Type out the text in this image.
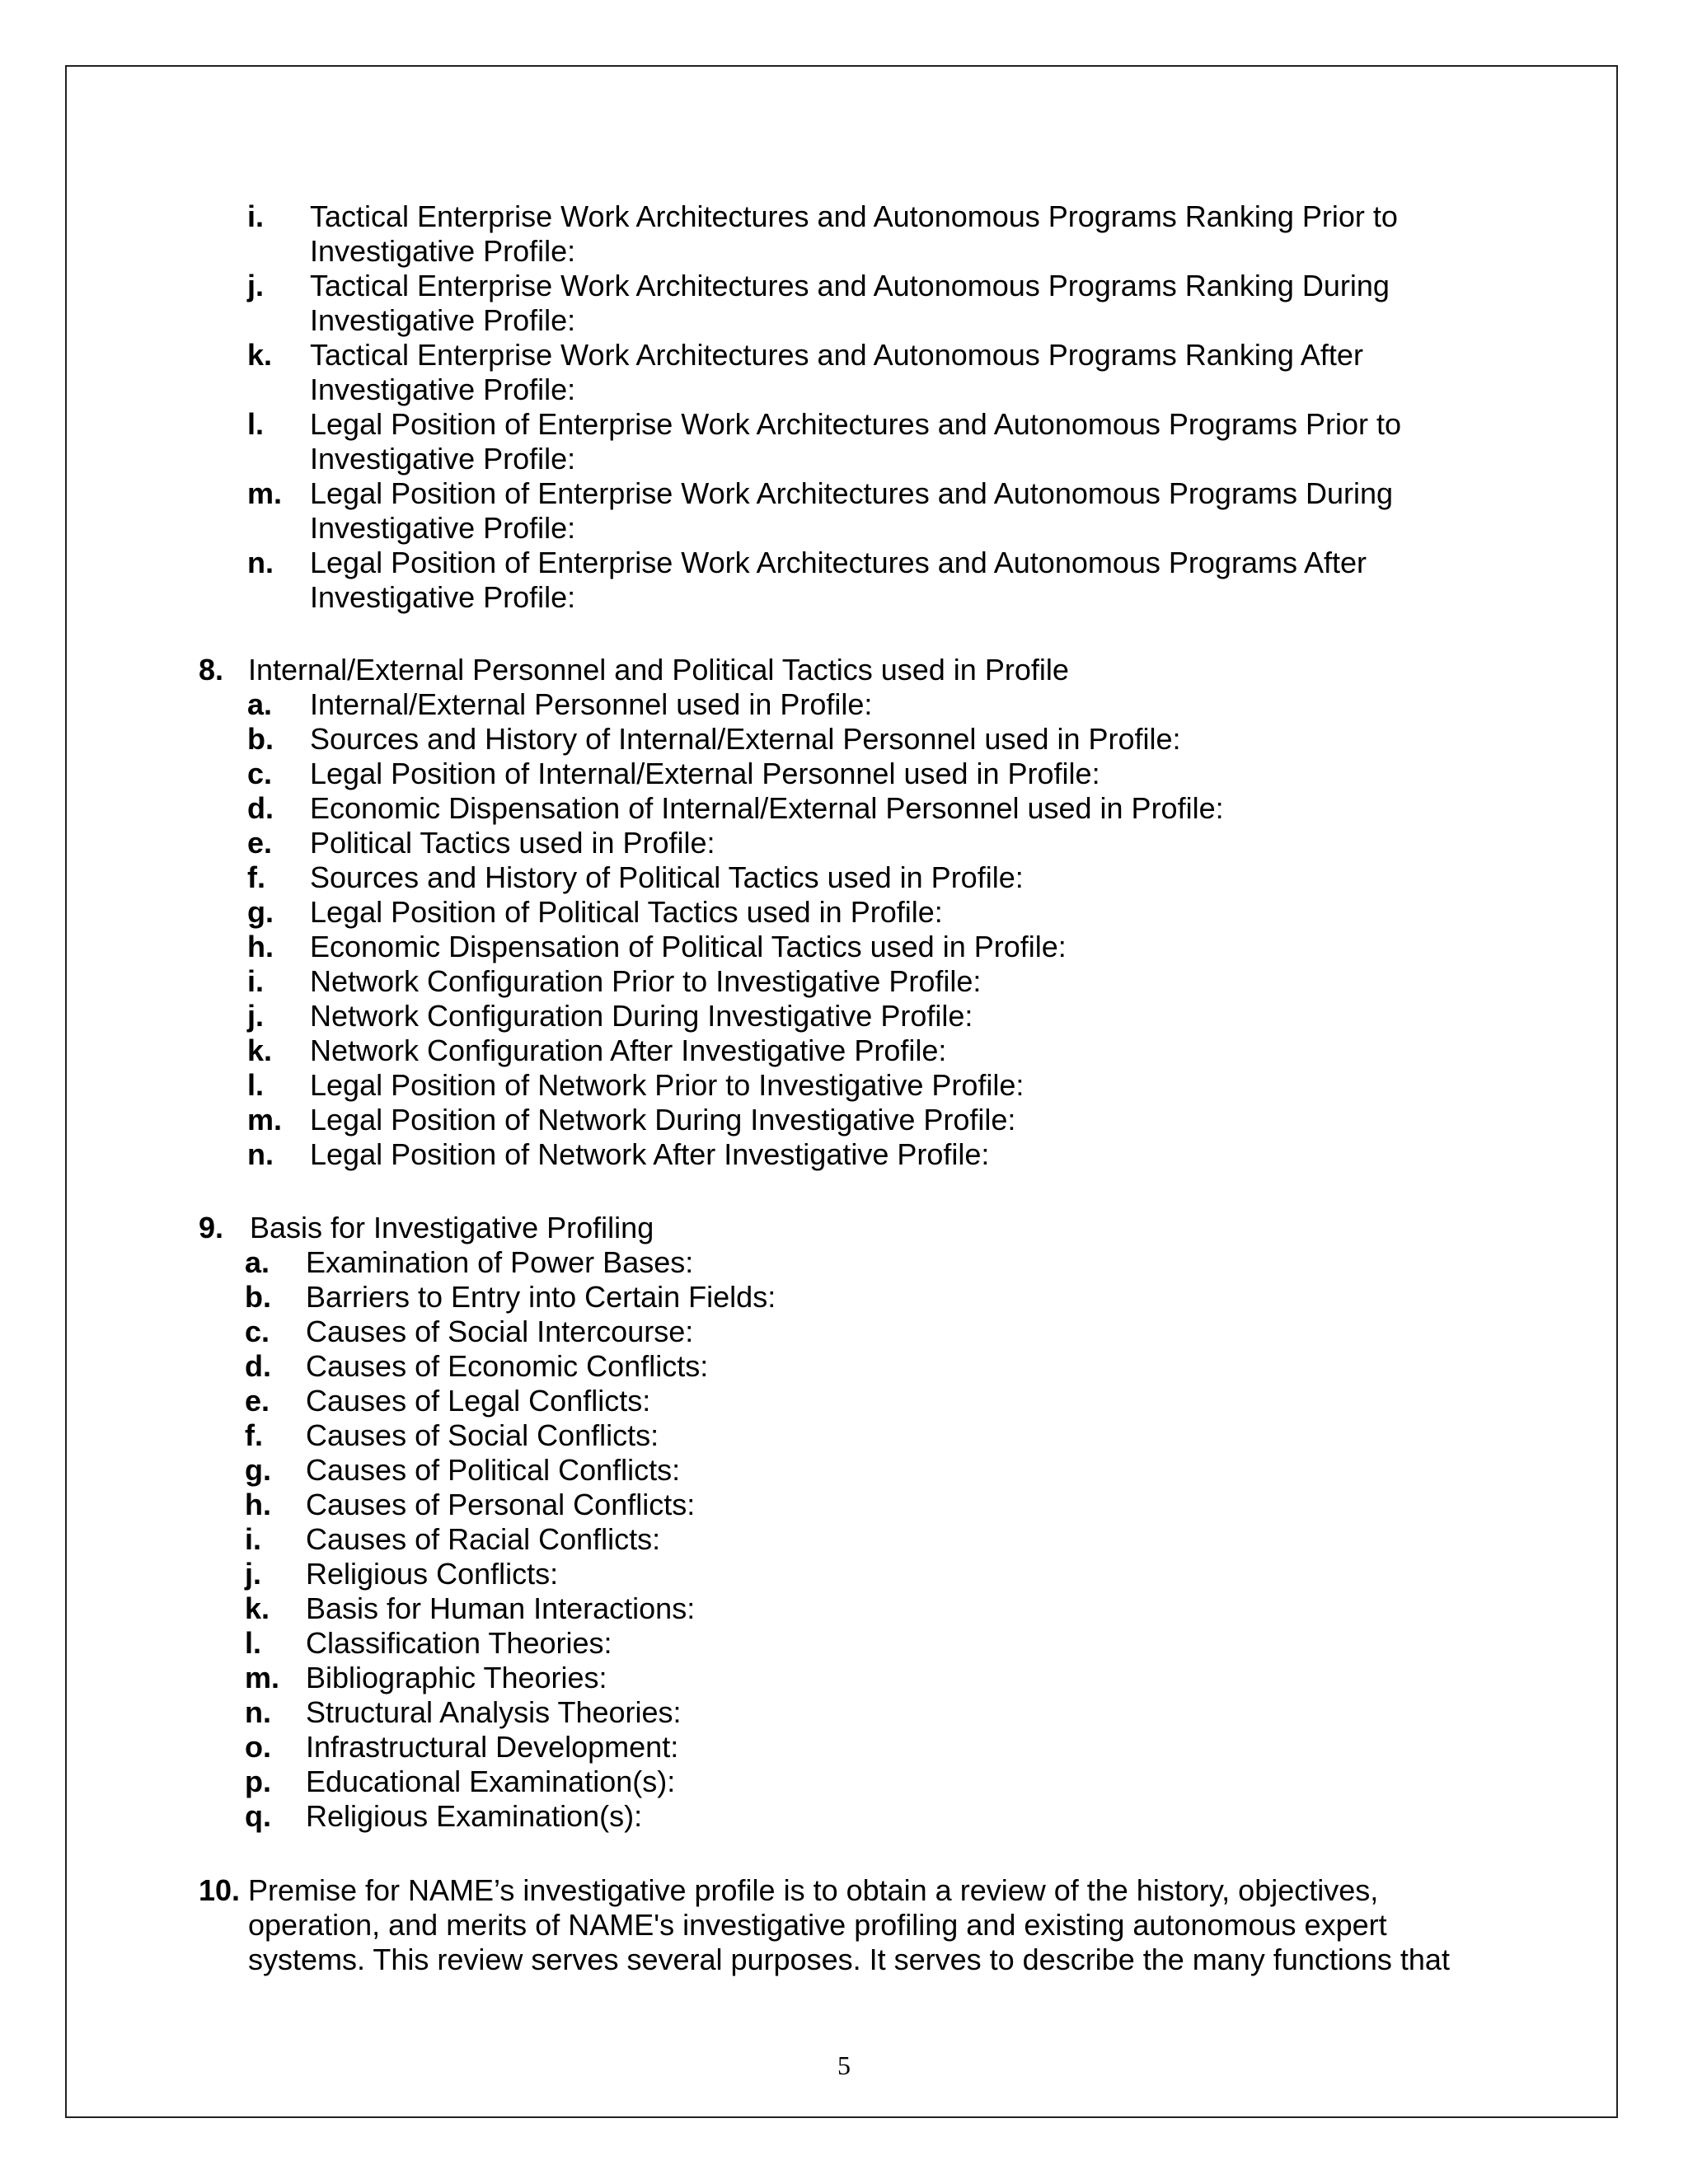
i. Tactical Enterprise Work Architectures and Autonomous Programs Ranking Prior to
Investigative Profile:
j. Tactical Enterprise Work Architectures and Autonomous Programs Ranking During
Investigative Profile:
k. Tactical Enterprise Work Architectures and Autonomous Programs Ranking After
Investigative Profile:
l. Legal Position of Enterprise Work Architectures and Autonomous Programs Prior to
Investigative Profile:
m. Legal Position of Enterprise Work Architectures and Autonomous Programs During
Investigative Profile:
n. Legal Position of Enterprise Work Architectures and Autonomous Programs After
Investigative Profile:
8. Internal/External Personnel and Political Tactics used in Profile
a. Internal/External Personnel used in Profile:
b. Sources and History of Internal/External Personnel used in Profile:
c. Legal Position of Internal/External Personnel used in Profile:
d. Economic Dispensation of Internal/External Personnel used in Profile:
e. Political Tactics used in Profile:
f. Sources and History of Political Tactics used in Profile:
g. Legal Position of Political Tactics used in Profile:
h. Economic Dispensation of Political Tactics used in Profile:
i. Network Configuration Prior to Investigative Profile:
j. Network Configuration During Investigative Profile:
k. Network Configuration After Investigative Profile:
l. Legal Position of Network Prior to Investigative Profile:
m. Legal Position of Network During Investigative Profile:
n. Legal Position of Network After Investigative Profile:
9. Basis for Investigative Profiling
a. Examination of Power Bases:
b. Barriers to Entry into Certain Fields:
c. Causes of Social Intercourse:
d. Causes of Economic Conflicts:
e. Causes of Legal Conflicts:
f. Causes of Social Conflicts:
g. Causes of Political Conflicts:
h. Causes of Personal Conflicts:
i. Causes of Racial Conflicts:
j. Religious Conflicts:
k. Basis for Human Interactions:
l. Classification Theories:
m. Bibliographic Theories:
n. Structural Analysis Theories:
o. Infrastructural Development:
p. Educational Examination(s):
q. Religious Examination(s):
10. Premise for NAME’s investigative profile is to obtain a review of the history, objectives,
operation, and merits of NAME's investigative profiling and existing autonomous expert
systems. This review serves several purposes. It serves to describe the many functions that
5
